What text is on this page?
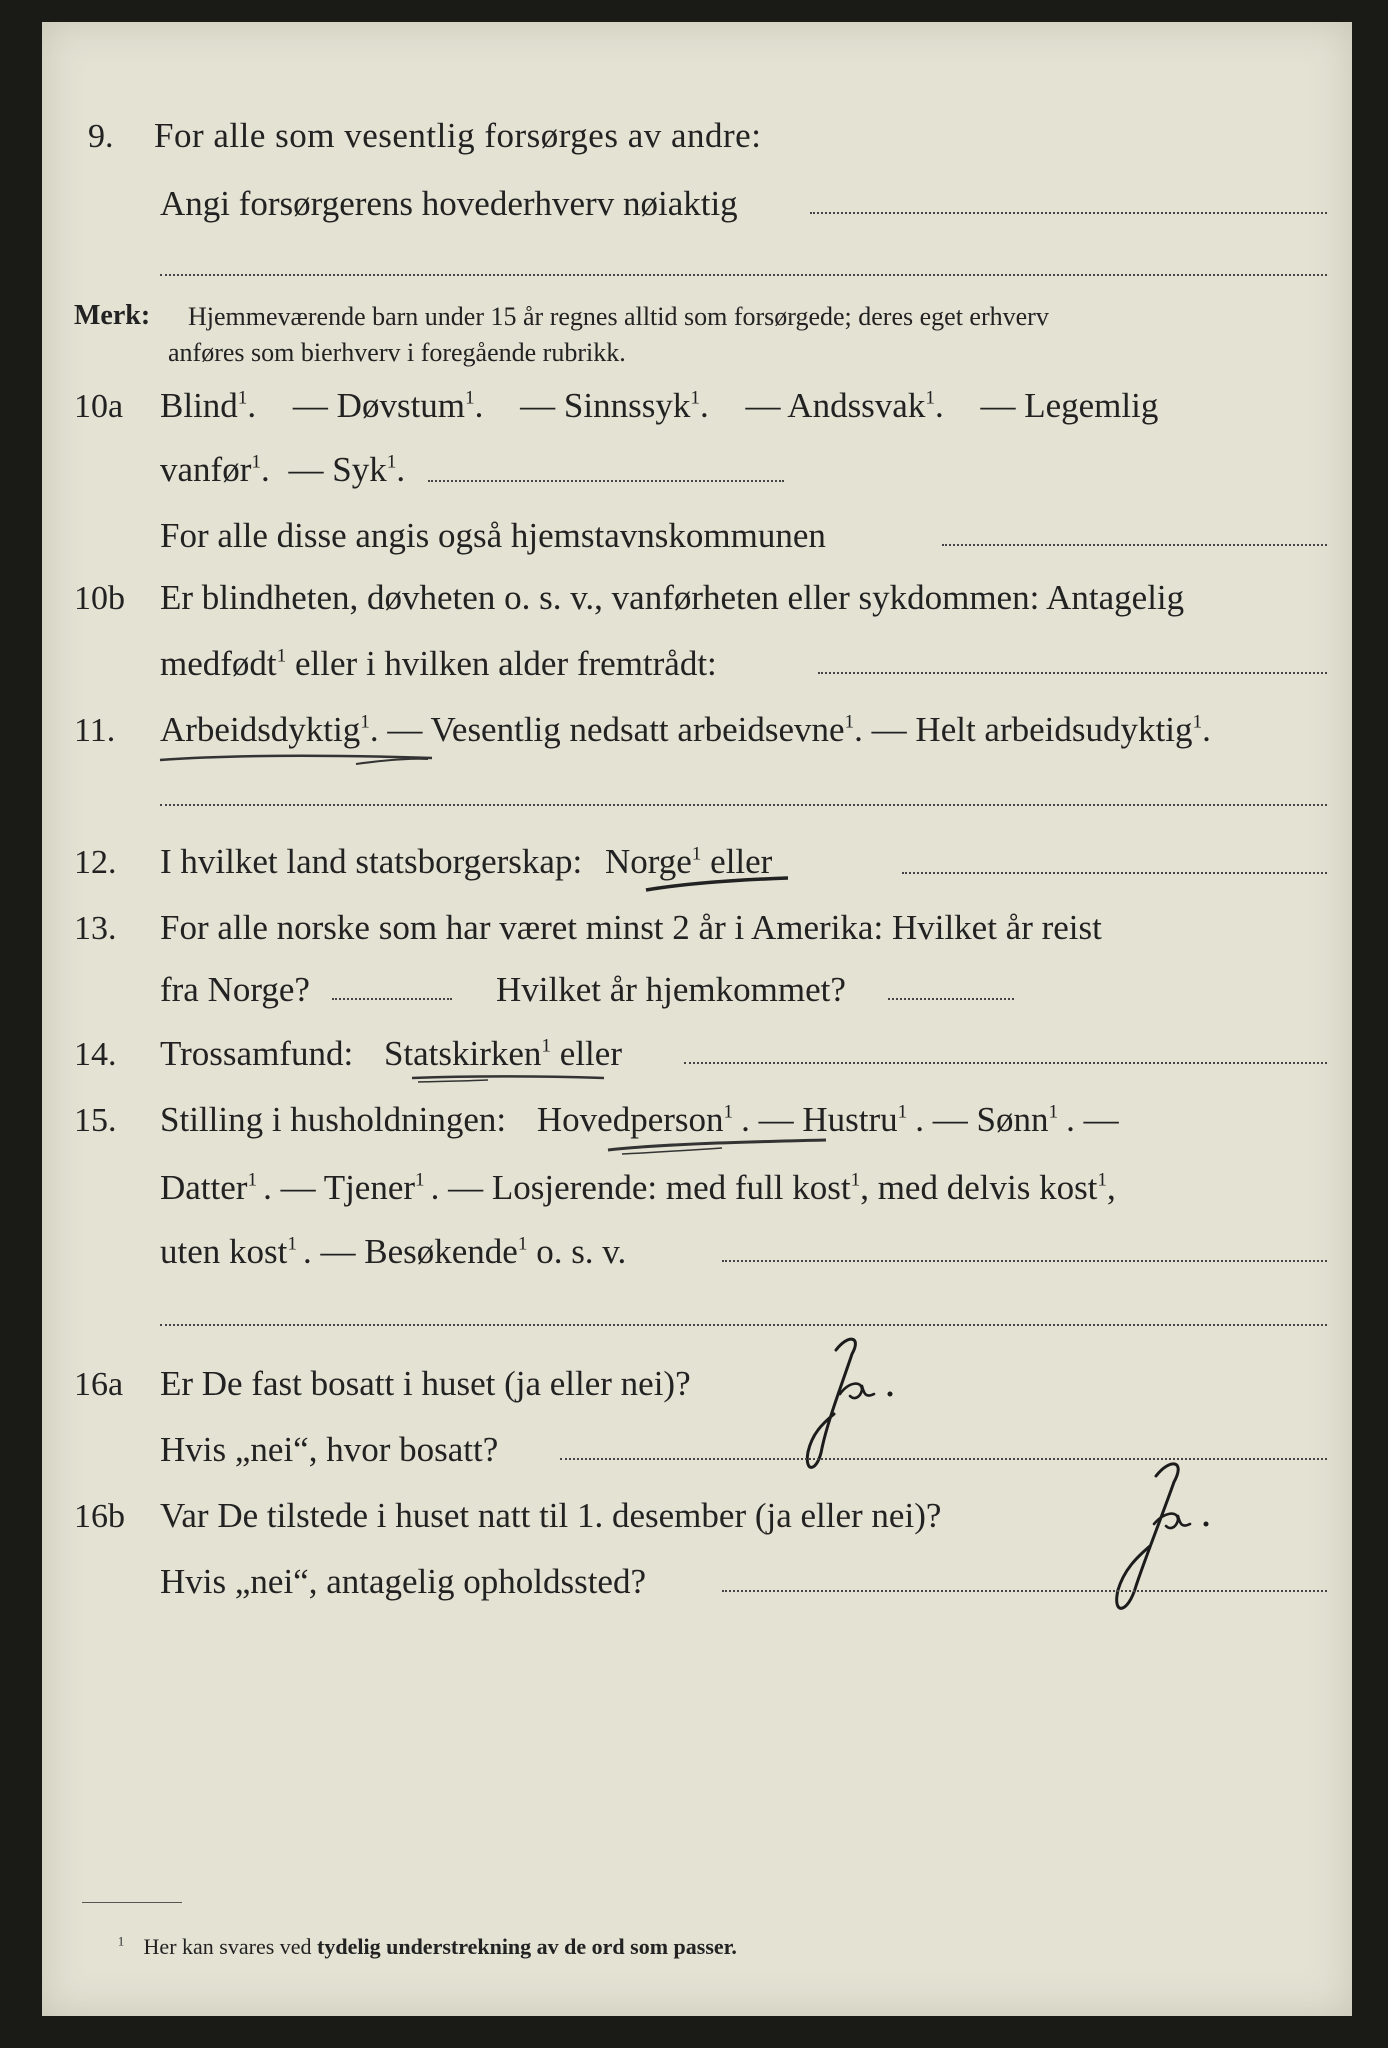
9. For alle som vesentlig forsørges av andre:
Angi forsørgerens hovederhverv nøiaktig
Merk: Hjemmeværende barn under 15 år regnes alltid som forsørgede; deres eget erhverv
anføres som bierhverv i foregående rubrikk.
10a Blind$^1$. — Døvstum$^1$. — Sinnssyk$^1$. — Andssvak$^1$. — Legemlig
vanfør$^1$. — Syk$^1$.
For alle disse angis også hjemstavnskommunen
10b Er blindheten, døvheten o. s. v., vanførheten eller sykdommen: Antagelig
medfødt$^1$ eller i hvilken alder fremtrådt:
11. Arbeidsdyktig$^1$. — Vesentlig nedsatt arbeidsevne$^1$. — Helt arbeidsudyktig$^1$.
12. I hvilket land statsborgerskap: Norge$^1$ eller
13. For alle norske som har været minst 2 år i Amerika: Hvilket år reist
fra Norge?	Hvilket år hjemkommet?
14. Trossamfund: Statskirken$^1$ eller
15. Stilling i husholdningen: Hovedperson$^1$ . — Hustru$^1$ . — Sønn$^1$ . —
Datter$^1$ . — Tjener$^1$ . — Losjerende: med full kost$^1$, med delvis kost$^1$,
uten kost$^1$ . — Besøkende$^1$ o. s. v.
16a Er De fast bosatt i huset (ja eller nei)?
Hvis „nei“, hvor bosatt?
16b Var De tilstede i huset natt til 1. desember (ja eller nei)?
Hvis „nei“, antagelig opholdssted?
$^1$ Her kan svares ved tydelig understrekning av de ord som passer.
